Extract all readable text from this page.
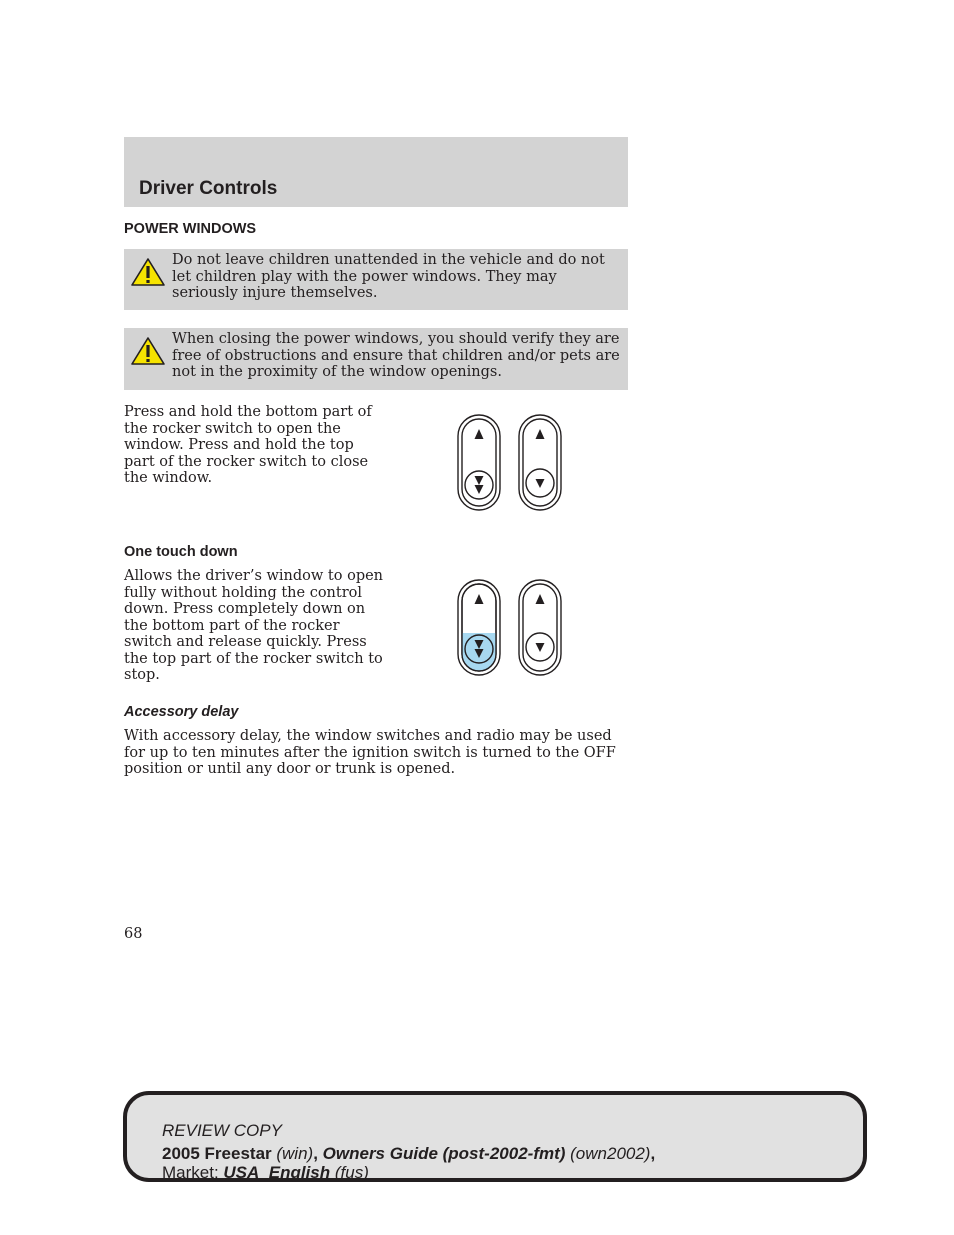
Driver Controls
POWER WINDOWS

Do not leave children unattended in the vehicle and do not let children play with the power windows. They may seriously injure themselves.

When closing the power windows, you should verify they are free of obstructions and ensure that children and/or pets are not in the proximity of the window openings.

Press and hold the bottom part of the rocker switch to open the window. Press and hold the top part of the rocker switch to close the window.

One touch down

Allows the driver’s window to open fully without holding the control down. Press completely down on the bottom part of the rocker switch and release quickly. Press the top part of the rocker switch to stop.

Accessory delay

With accessory delay, the window switches and radio may be used for up to ten minutes after the ignition switch is turned to the OFF position or until any door or trunk is opened.

68

REVIEW COPY

2005 Freestar (win), Owners Guide (post-2002-fmt) (own2002),

Market: USA_English (fus)
